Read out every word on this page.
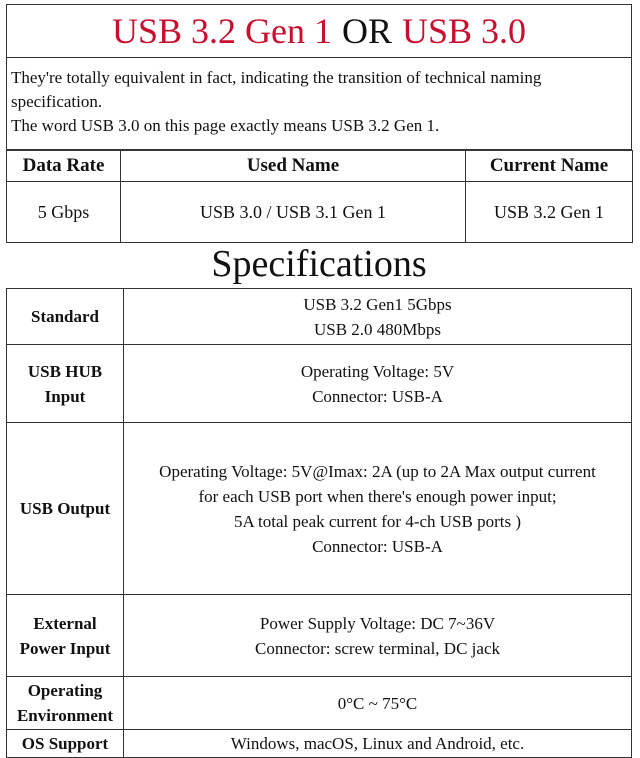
USB 3.2 Gen 1 OR USB 3.0

They're totally equivalent in fact, indicating the transition of technical naming specification.

The word USB 3.0 on this page exactly means USB 3.2 Gen 1.

Data Rate	Used Name	Current Name
5 Gbps	USB 3.0 / USB 3.1 Gen 1	USB 3.2 Gen 1
Specifications
Standard	USB 3.2 Gen1 5Gbps
USB 2.0 480Mbps

USB HUB
Input	Operating Voltage: 5V
Connector: USB-A

USB Output	Operating Voltage: 5V@Imax: 2A (up to 2A Max output current
for each USB port when there's enough power input;
5A total peak current for 4-ch USB ports )
Connector: USB-A

External
Power Input	Power Supply Voltage: DC 7~36V
Connector: screw terminal, DC jack

Operating
Environment	0°C ~ 75°C

OS Support	Windows, macOS, Linux and Android, etc.
